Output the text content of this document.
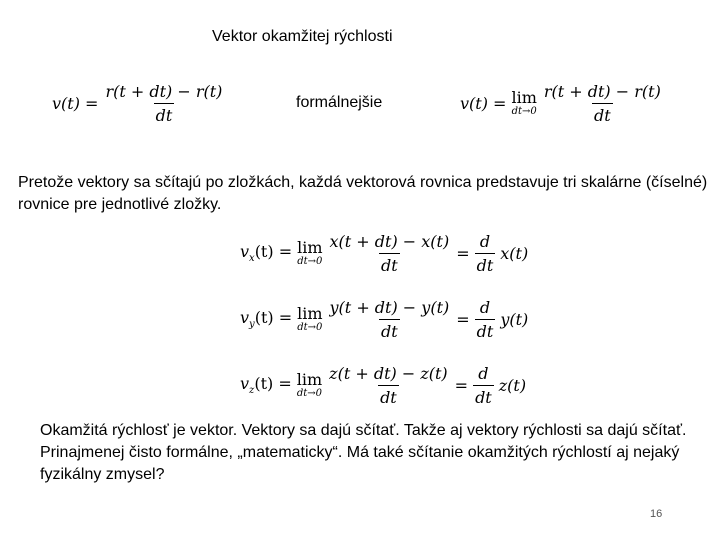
Vektor okamžitej rýchlosti
$v(t) = \frac{r(t + dt) - r(t)}{dt}$	formálnejšie	v(t) = lim
$dt\to 0 \frac{r(t + dt) - r(t)}{dt}$
Pretože vektory sa sčítajú po zložkách, každá vektorová rovnica predstavuje tri skalárne (číselné) rovnice pre jednotlivé zložky.
$v_x(t) = \lim$
$dt\to 0 \frac{x(t + dt) - x(t)}{dt} = \frac{d}{dt} x(t)$
$v_y(t) = \lim$
$dt\to 0 \frac{y(t + dt) - y(t)}{dt} = \frac{d}{dt} y(t)$
$v_z(t) = \lim$
$dt\to 0 \frac{z(t + dt) - z(t)}{dt} = \frac{d}{dt} z(t)$
Okamžitá rýchlosť je vektor. Vektory sa dajú sčítať. Takže aj vektory rýchlosti sa dajú sčítať. Prinajmenej čisto formálne, „matematicky“. Má také sčítanie okamžitých rýchlostí aj nejaký fyzikálny zmysel?
16
